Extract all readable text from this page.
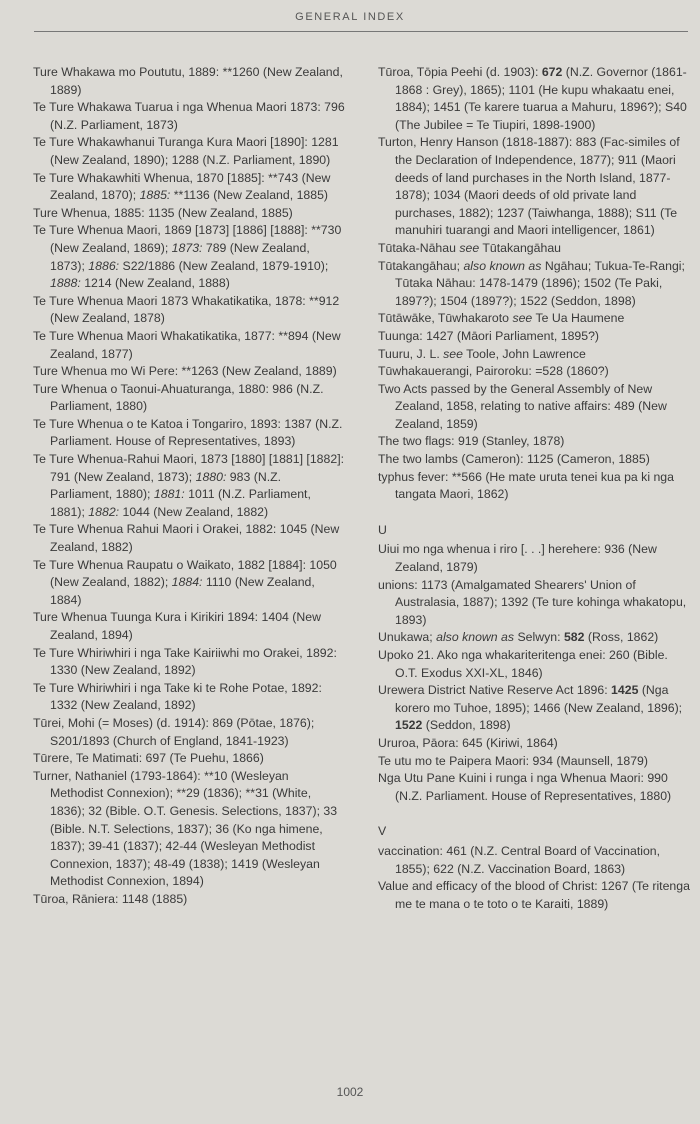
GENERAL INDEX
Ture Whakawa mo Poututu, 1889: **1260 (New Zealand, 1889)
Te Ture Whakawa Tuarua i nga Whenua Maori 1873: 796 (N.Z. Parliament, 1873)
Te Ture Whakawhanui Turanga Kura Maori [1890]: 1281 (New Zealand, 1890); 1288 (N.Z. Parliament, 1890)
Te Ture Whakawhiti Whenua, 1870 [1885]: **743 (New Zealand, 1870); 1885: **1136 (New Zealand, 1885)
Ture Whenua, 1885: 1135 (New Zealand, 1885)
Te Ture Whenua Maori, 1869 [1873] [1886] [1888]: **730 (New Zealand, 1869); 1873: 789 (New Zealand, 1873); 1886: S22/1886 (New Zealand, 1879-1910); 1888: 1214 (New Zealand, 1888)
Te Ture Whenua Maori 1873 Whakatikatika, 1878: **912 (New Zealand, 1878)
Te Ture Whenua Maori Whakatikatika, 1877: **894 (New Zealand, 1877)
Ture Whenua mo Wi Pere: **1263 (New Zealand, 1889)
Ture Whenua o Taonui-Ahuaturanga, 1880: 986 (N.Z. Parliament, 1880)
Te Ture Whenua o te Katoa i Tongariro, 1893: 1387 (N.Z. Parliament. House of Representatives, 1893)
Te Ture Whenua-Rahui Maori, 1873 [1880] [1881] [1882]: 791 (New Zealand, 1873); 1880: 983 (N.Z. Parliament, 1880); 1881: 1011 (N.Z. Parliament, 1881); 1882: 1044 (New Zealand, 1882)
Te Ture Whenua Rahui Maori i Orakei, 1882: 1045 (New Zealand, 1882)
Te Ture Whenua Raupatu o Waikato, 1882 [1884]: 1050 (New Zealand, 1882); 1884: 1110 (New Zealand, 1884)
Ture Whenua Tuunga Kura i Kirikiri 1894: 1404 (New Zealand, 1894)
Te Ture Whiriwhiri i nga Take Kairiiwhi mo Orakei, 1892: 1330 (New Zealand, 1892)
Te Ture Whiriwhiri i nga Take ki te Rohe Potae, 1892: 1332 (New Zealand, 1892)
Tūrei, Mohi (= Moses) (d. 1914): 869 (Pōtae, 1876); S201/1893 (Church of England, 1841-1923)
Tūrere, Te Matimati: 697 (Te Puehu, 1866)
Turner, Nathaniel (1793-1864): **10 (Wesleyan Methodist Connexion); **29 (1836); **31 (White, 1836); 32 (Bible. O.T. Genesis. Selections, 1837); 33 (Bible. N.T. Selections, 1837); 36 (Ko nga himene, 1837); 39-41 (1837); 42-44 (Wesleyan Methodist Connexion, 1837); 48-49 (1838); 1419 (Wesleyan Methodist Connexion, 1894)
Tūroa, Rāniera: 1148 (1885)
Tūroa, Tōpia Peehi (d. 1903): 672 (N.Z. Governor (1861-1868 : Grey), 1865); 1101 (He kupu whakaatu enei, 1884); 1451 (Te karere tuarua a Mahuru, 1896?); S40 (The Jubilee = Te Tiupiri, 1898-1900)
Turton, Henry Hanson (1818-1887): 883 (Fac-similes of the Declaration of Independence, 1877); 911 (Maori deeds of land purchases in the North Island, 1877-1878); 1034 (Maori deeds of old private land purchases, 1882); 1237 (Taiwhanga, 1888); S11 (Te manuhiri tuarangi and Maori intelligencer, 1861)
Tūtaka-Nāhau see Tūtakangāhau
Tūtakangāhau; also known as Ngāhau; Tukua-Te-Rangi; Tūtaka Nāhau: 1478-1479 (1896); 1502 (Te Paki, 1897?); 1504 (1897?); 1522 (Seddon, 1898)
Tūtāwāke, Tūwhakaroto see Te Ua Haumene
Tuunga: 1427 (Māori Parliament, 1895?)
Tuuru, J. L. see Toole, John Lawrence
Tūwhakauerangi, Pairoroku: =528 (1860?)
Two Acts passed by the General Assembly of New Zealand, 1858, relating to native affairs: 489 (New Zealand, 1859)
The two flags: 919 (Stanley, 1878)
The two lambs (Cameron): 1125 (Cameron, 1885)
typhus fever: **566 (He mate uruta tenei kua pa ki nga tangata Maori, 1862)
U
Uiui mo nga whenua i riro [. . .] herehere: 936 (New Zealand, 1879)
unions: 1173 (Amalgamated Shearers' Union of Australasia, 1887); 1392 (Te ture kohinga whakatopu, 1893)
Unukawa; also known as Selwyn: 582 (Ross, 1862)
Upoko 21. Ako nga whakariteritenga enei: 260 (Bible. O.T. Exodus XXI-XL, 1846)
Urewera District Native Reserve Act 1896: 1425 (Nga korero mo Tuhoe, 1895); 1466 (New Zealand, 1896); 1522 (Seddon, 1898)
Ururoa, Pāora: 645 (Kiriwi, 1864)
Te utu mo te Paipera Maori: 934 (Maunsell, 1879)
Nga Utu Pane Kuini i runga i nga Whenua Maori: 990 (N.Z. Parliament. House of Representatives, 1880)
V
vaccination: 461 (N.Z. Central Board of Vaccination, 1855); 622 (N.Z. Vaccination Board, 1863)
Value and efficacy of the blood of Christ: 1267 (Te ritenga me te mana o te toto o te Karaiti, 1889)
1002
